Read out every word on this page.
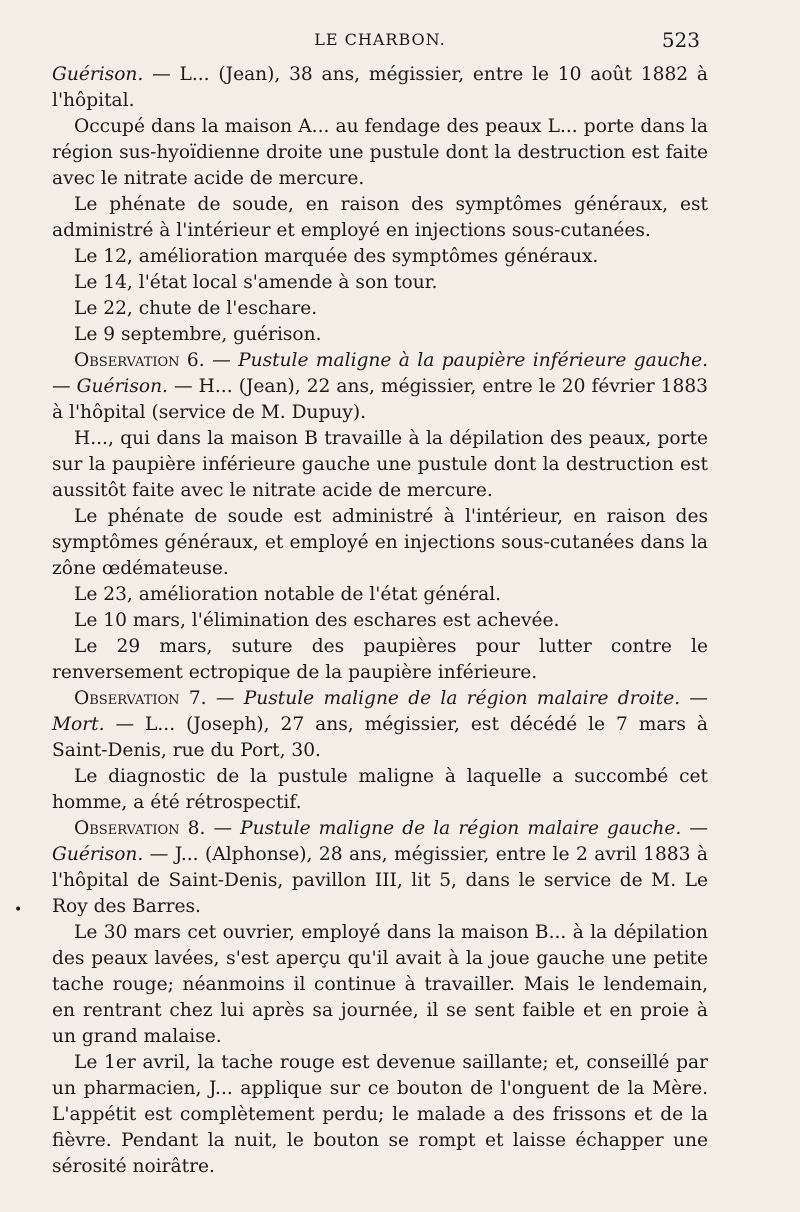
LE CHARBON.	523
•

Guérison. — L... (Jean), 38 ans, mégissier, entre le 10 août 1882 à l'hôpital.

Occupé dans la maison A... au fendage des peaux L... porte dans la région sus-hyoïdienne droite une pustule dont la destruction est faite avec le nitrate acide de mercure.

Le phénate de soude, en raison des symptômes généraux, est administré à l'intérieur et employé en injections sous-cutanées.

Le 12, amélioration marquée des symptômes généraux.

Le 14, l'état local s'amende à son tour.

Le 22, chute de l'eschare.

Le 9 septembre, guérison.

Observation 6. — Pustule maligne à la paupière inférieure gauche. — Guérison. — H... (Jean), 22 ans, mégissier, entre le 20 février 1883 à l'hôpital (service de M. Dupuy).

H..., qui dans la maison B travaille à la dépilation des peaux, porte sur la paupière inférieure gauche une pustule dont la destruction est aussitôt faite avec le nitrate acide de mercure.

Le phénate de soude est administré à l'intérieur, en raison des symptômes généraux, et employé en injections sous-cutanées dans la zône œdémateuse.

Le 23, amélioration notable de l'état général.

Le 10 mars, l'élimination des eschares est achevée.

Le 29 mars, suture des paupières pour lutter contre le renversement ectropique de la paupière inférieure.

Observation 7. — Pustule maligne de la région malaire droite. — Mort. — L... (Joseph), 27 ans, mégissier, est décédé le 7 mars à Saint-Denis, rue du Port, 30.

Le diagnostic de la pustule maligne à laquelle a succombé cet homme, a été rétrospectif.

Observation 8. — Pustule maligne de la région malaire gauche. — Guérison. — J... (Alphonse), 28 ans, mégissier, entre le 2 avril 1883 à l'hôpital de Saint-Denis, pavillon III, lit 5, dans le service de M. Le Roy des Barres.

Le 30 mars cet ouvrier, employé dans la maison B... à la dépilation des peaux lavées, s'est aperçu qu'il avait à la joue gauche une petite tache rouge; néanmoins il continue à travailler. Mais le lendemain, en rentrant chez lui après sa journée, il se sent faible et en proie à un grand malaise.

Le 1er avril, la tache rouge est devenue saillante; et, conseillé par un pharmacien, J... applique sur ce bouton de l'onguent de la Mère. L'appétit est complètement perdu; le malade a des frissons et de la fièvre. Pendant la nuit, le bouton se rompt et laisse échapper une sérosité noirâtre.
